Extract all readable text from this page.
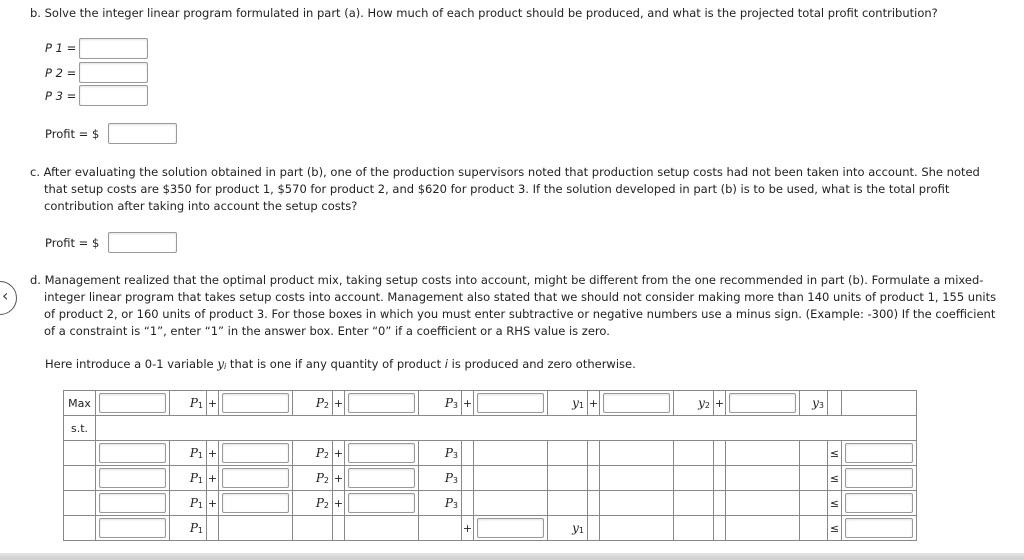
‹
b. Solve the integer linear program formulated in part (a). How much of each product should be produced, and what is the projected total profit contribution?
P 1 =
P 2 =
P 3 =
Profit = $
c. After evaluating the solution obtained in part (b), one of the production supervisors noted that production setup costs had not been taken into account. She noted
that setup costs are $350 for product 1, $570 for product 2, and $620 for product 3. If the solution developed in part (b) is to be used, what is the total profit
contribution after taking into account the setup costs?
Profit = $
d. Management realized that the optimal product mix, taking setup costs into account, might be different from the one recommended in part (b). Formulate a mixed-
integer linear program that takes setup costs into account. Management also stated that we should not consider making more than 140 units of product 1, 155 units
of product 2, or 160 units of product 3. For those boxes in which you must enter subtractive or negative numbers use a minus sign. (Example: -300) If the coefficient
of a constraint is “1”, enter “1” in the answer box. Enter “0” if a coefficient or a RHS value is zero.
Here introduce a 0-1 variable $y_i$ that is one if any quantity of product i is produced and zero otherwise.
Max		$P_1$	+		$P_2$	+		$P_3$	+		$y_1$	+		$y_2$	+		$y_3$		
s.t.																			

	$P_1$	+		$P_2$	+		$P_3$										≤	

	$P_1$	+		$P_2$	+		$P_3$										≤	

	$P_1$	+		$P_2$	+		$P_3$										≤	

	$P_1$							+		$y_1$							≤	
